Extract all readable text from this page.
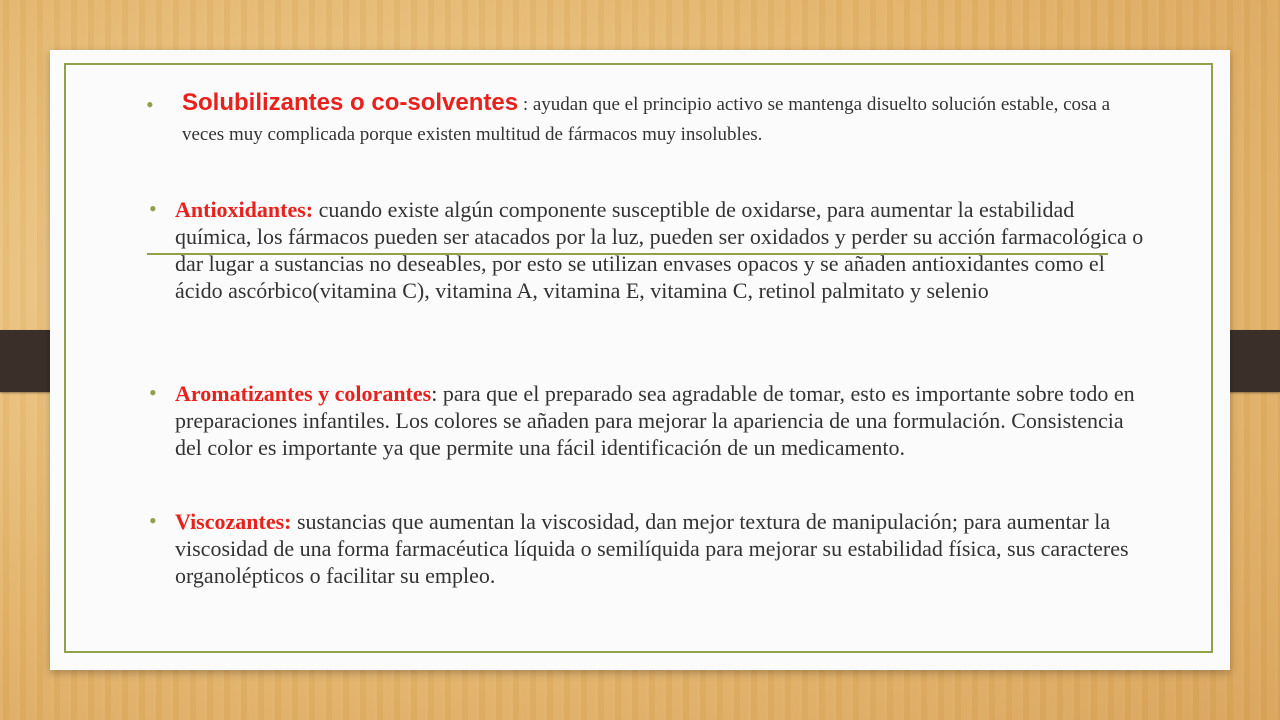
• Solubilizantes o co-solventes : ayudan que el principio activo se mantenga disuelto solución estable, cosa a veces muy complicada porque existen multitud de fármacos muy insolubles.
• Antioxidantes: cuando existe algún componente susceptible de oxidarse, para aumentar la estabilidad química, los fármacos pueden ser atacados por la luz, pueden ser oxidados y perder su acción farmacológica o dar lugar a sustancias no deseables, por esto se utilizan envases opacos y se añaden antioxidantes como el ácido ascórbico(vitamina C), vitamina A, vitamina E, vitamina C, retinol palmitato y selenio
• Aromatizantes y colorantes: para que el preparado sea agradable de tomar, esto es importante sobre todo en preparaciones infantiles. Los colores se añaden para mejorar la apariencia de una formulación. Consistencia del color es importante ya que permite una fácil identificación de un medicamento.
• Viscozantes: sustancias que aumentan la viscosidad, dan mejor textura de manipulación; para aumentar la viscosidad de una forma farmacéutica líquida o semilíquida para mejorar su estabilidad física, sus caracteres organolépticos o facilitar su empleo.
